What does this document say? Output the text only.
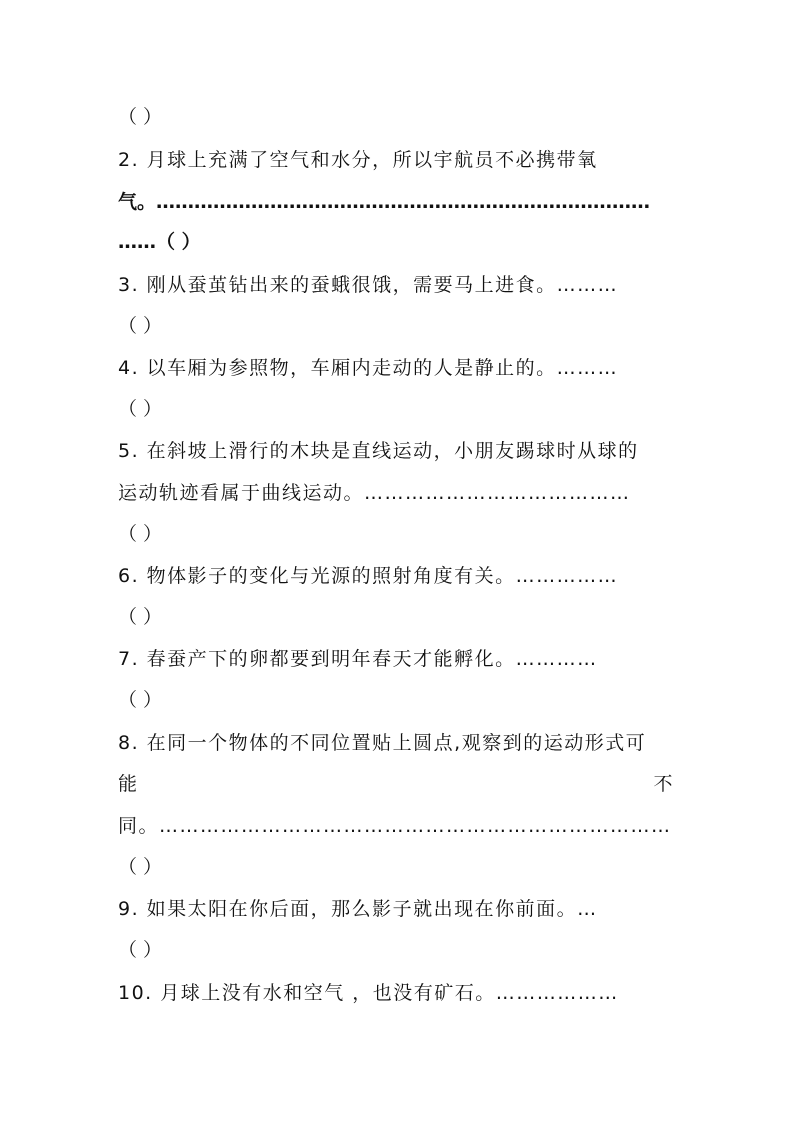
（ ）
2. 月球上充满了空气和水分，所以宇航员不必携带氧
气。……………………………………………………………………
……（ ）
3. 刚从蚕茧钻出来的蚕蛾很饿，需要马上进食。………
（ ）
4. 以车厢为参照物，车厢内走动的人是静止的。………
（ ）
5. 在斜坡上滑行的木块是直线运动，小朋友踢球时从球的
运动轨迹看属于曲线运动。…………………………………
（ ）
6. 物体影子的变化与光源的照射角度有关。……………
（ ）
7. 春蚕产下的卵都要到明年春天才能孵化。…………
（ ）
8. 在同一个物体的不同位置贴上圆点,观察到的运动形式可
能	不
同。…………………………………………………………………
（ ）
9. 如果太阳在你后面，那么影子就出现在你前面。…
（ ）
10. 月球上没有水和空气 ，也没有矿石。………………
